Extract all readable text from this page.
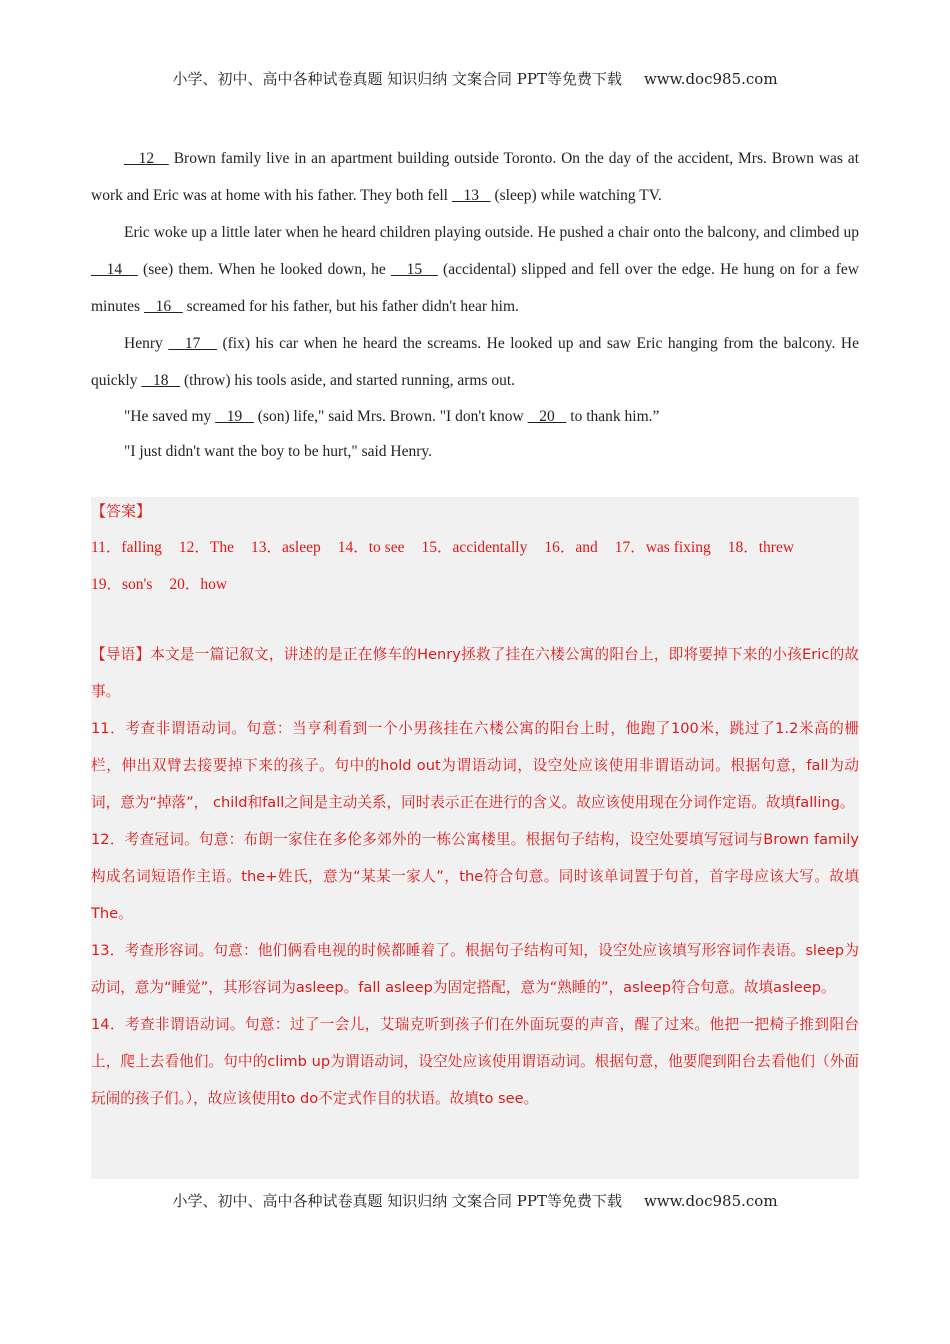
小学、初中、高中各种试卷真题 知识归纳 文案合同 PPT等免费下载 www.doc985.com

12    Brown family live in an apartment building outside Toronto. On the day of the accident, Mrs. Brown was at work and Eric was at home with his father. They both fell    13    (sleep) while watching TV.

Eric woke up a little later when he heard children playing outside. He pushed a chair onto the balcony, and climbed up    14    (see) them. When he looked down, he    15    (accidental) slipped and fell over the edge. He hung on for a few minutes    16    screamed for his father, but his father didn't hear him.

Henry    17    (fix) his car when he heard the screams. He looked up and saw Eric hanging from the balcony. He quickly    18    (throw) his tools aside, and started running, arms out.

"He saved my    19    (son) life," said Mrs. Brown. "I don't know    20    to thank him.”

"I just didn't want the boy to be hurt," said Henry.

【答案】
11．falling 12．The 13．asleep 14．to see 15．accidentally 16．and 17．was fixing 18．threw
19．son's 20．how

【导语】本文是一篇记叙文，讲述的是正在修车的Henry拯救了挂在六楼公寓的阳台上，即将要掉下来的小孩Eric的故事。

11．考查非谓语动词。句意：当亨利看到一个小男孩挂在六楼公寓的阳台上时，他跑了100米，跳过了1.2米高的栅栏，伸出双臂去接要掉下来的孩子。句中的hold out为谓语动词，设空处应该使用非谓语动词。根据句意，fall为动词，意为“掉落”， child和fall之间是主动关系，同时表示正在进行的含义。故应该使用现在分词作定语。故填falling。

12．考查冠词。句意：布朗一家住在多伦多郊外的一栋公寓楼里。根据句子结构，设空处要填写冠词与Brown family构成名词短语作主语。the+姓氏，意为“某某一家人”，the符合句意。同时该单词置于句首，首字母应该大写。故填The。

13．考查形容词。句意：他们俩看电视的时候都睡着了。根据句子结构可知，设空处应该填写形容词作表语。sleep为动词，意为“睡觉”，其形容词为asleep。fall asleep为固定搭配，意为“熟睡的”，asleep符合句意。故填asleep。

14．考查非谓语动词。句意：过了一会儿，艾瑞克听到孩子们在外面玩耍的声音，醒了过来。他把一把椅子推到阳台上，爬上去看他们。句中的climb up为谓语动词，设空处应该使用谓语动词。根据句意，他要爬到阳台去看他们（外面玩闹的孩子们。），故应该使用to do不定式作目的状语。故填to see。

小学、初中、高中各种试卷真题 知识归纳 文案合同 PPT等免费下载 www.doc985.com
